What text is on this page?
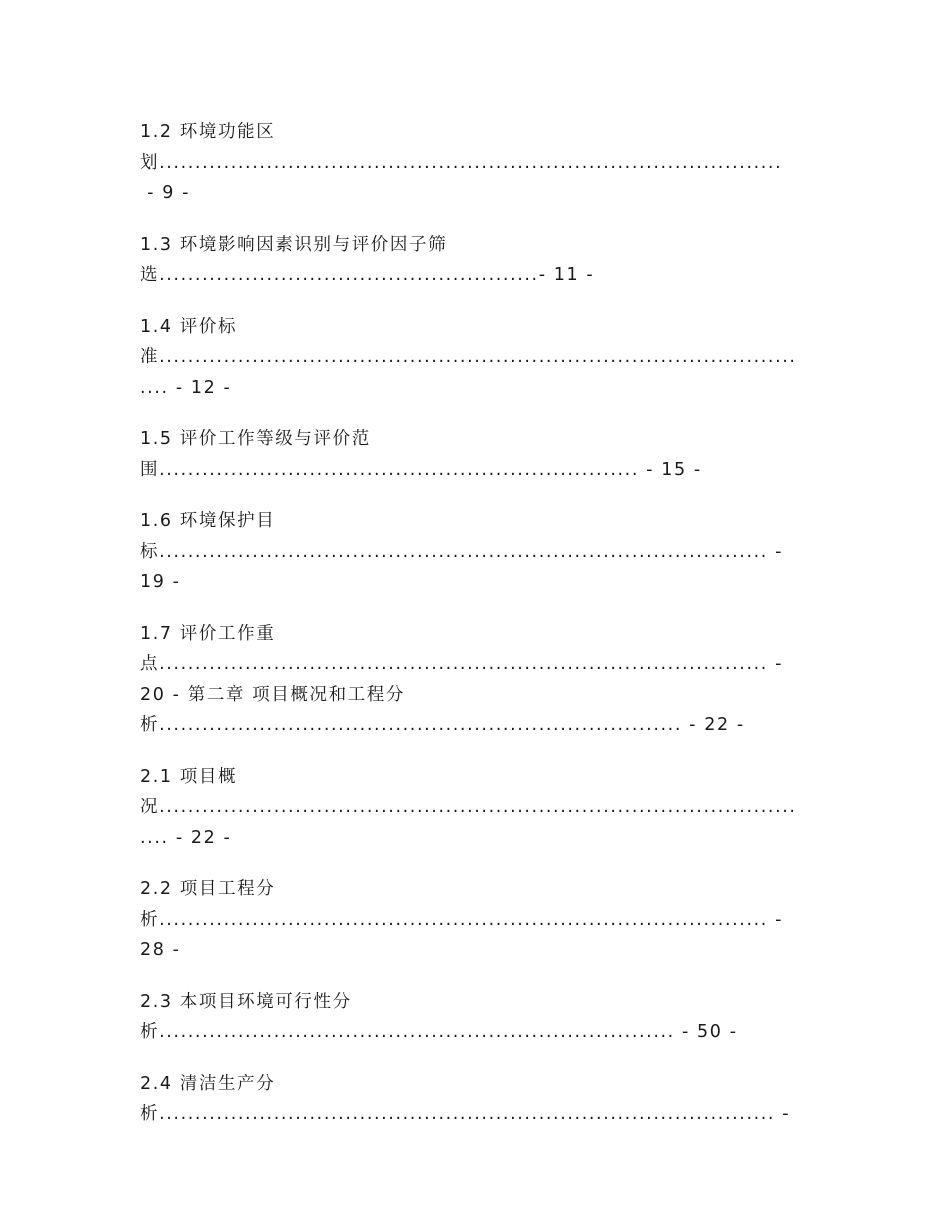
1.2 环境功能区
划.......................................................................................
- 9 -
1.3 环境影响因素识别与评价因子筛
选.....................................................- 11 -
1.4 评价标
准.........................................................................................
.... - 12 -
1.5 评价工作等级与评价范
围................................................................... - 15 -
1.6 环境保护目
标..................................................................................... -
19 -
1.7 评价工作重
点..................................................................................... -
20 - 第二章 项目概况和工程分
析......................................................................... - 22 -
2.1 项目概
况.........................................................................................
.... - 22 -
2.2 项目工程分
析..................................................................................... -
28 -
2.3 本项目环境可行性分
析........................................................................ - 50 -
2.4 清洁生产分
析...................................................................................... -
